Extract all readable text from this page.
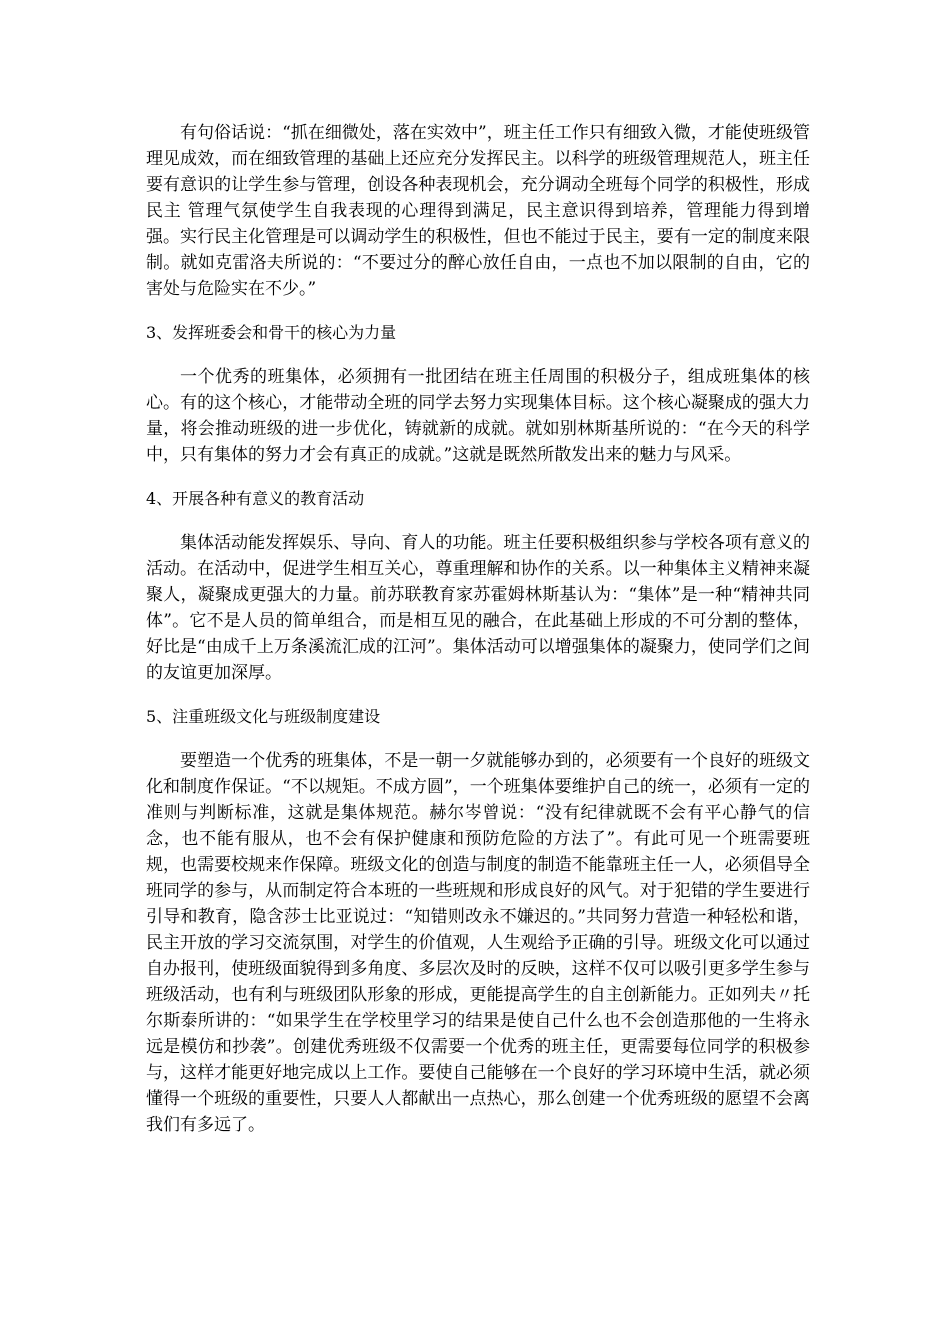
有句俗话说：“抓在细微处，落在实效中”，班主任工作只有细致入微，才能使班级管理见成效，而在细致管理的基础上还应充分发挥民主。以科学的班级管理规范人，班主任要有意识的让学生参与管理，创设各种表现机会，充分调动全班每个同学的积极性，形成民主 管理气氛使学生自我表现的心理得到满足，民主意识得到培养，管理能力得到增强。实行民主化管理是可以调动学生的积极性，但也不能过于民主，要有一定的制度来限制。就如克雷洛夫所说的：“不要过分的醉心放任自由，一点也不加以限制的自由，它的害处与危险实在不少。”

3、发挥班委会和骨干的核心为力量

一个优秀的班集体，必须拥有一批团结在班主任周围的积极分子，组成班集体的核心。有的这个核心，才能带动全班的同学去努力实现集体目标。这个核心凝聚成的强大力量，将会推动班级的进一步优化，铸就新的成就。就如别林斯基所说的：“在今天的科学中，只有集体的努力才会有真正的成就。”这就是既然所散发出来的魅力与风采。

4、开展各种有意义的教育活动

集体活动能发挥娱乐、导向、育人的功能。班主任要积极组织参与学校各项有意义的活动。在活动中，促进学生相互关心，尊重理解和协作的关系。以一种集体主义精神来凝聚人，凝聚成更强大的力量。前苏联教育家苏霍姆林斯基认为：“集体”是一种“精神共同体”。它不是人员的简单组合，而是相互见的融合，在此基础上形成的不可分割的整体，好比是“由成千上万条溪流汇成的江河”。集体活动可以增强集体的凝聚力，使同学们之间的友谊更加深厚。

5、注重班级文化与班级制度建设

要塑造一个优秀的班集体，不是一朝一夕就能够办到的，必须要有一个良好的班级文化和制度作保证。“不以规矩。不成方圆”，一个班集体要维护自己的统一，必须有一定的准则与判断标准，这就是集体规范。赫尔岑曾说：“没有纪律就既不会有平心静气的信念，也不能有服从，也不会有保护健康和预防危险的方法了”。有此可见一个班需要班规，也需要校规来作保障。班级文化的创造与制度的制造不能靠班主任一人，必须倡导全班同学的参与，从而制定符合本班的一些班规和形成良好的风气。对于犯错的学生要进行引导和教育，隐含莎士比亚说过：“知错则改永不嫌迟的。”共同努力营造一种轻松和谐，民主开放的学习交流氛围，对学生的价值观，人生观给予正确的引导。班级文化可以通过自办报刊，使班级面貌得到多角度、多层次及时的反映，这样不仅可以吸引更多学生参与班级活动，也有利与班级团队形象的形成，更能提高学生的自主创新能力。正如列夫〃托尔斯泰所讲的：“如果学生在学校里学习的结果是使自己什么也不会创造那他的一生将永远是模仿和抄袭”。创建优秀班级不仅需要一个优秀的班主任，更需要每位同学的积极参与，这样才能更好地完成以上工作。要使自己能够在一个良好的学习环境中生活，就必须懂得一个班级的重要性，只要人人都献出一点热心，那么创建一个优秀班级的愿望不会离我们有多远了。
